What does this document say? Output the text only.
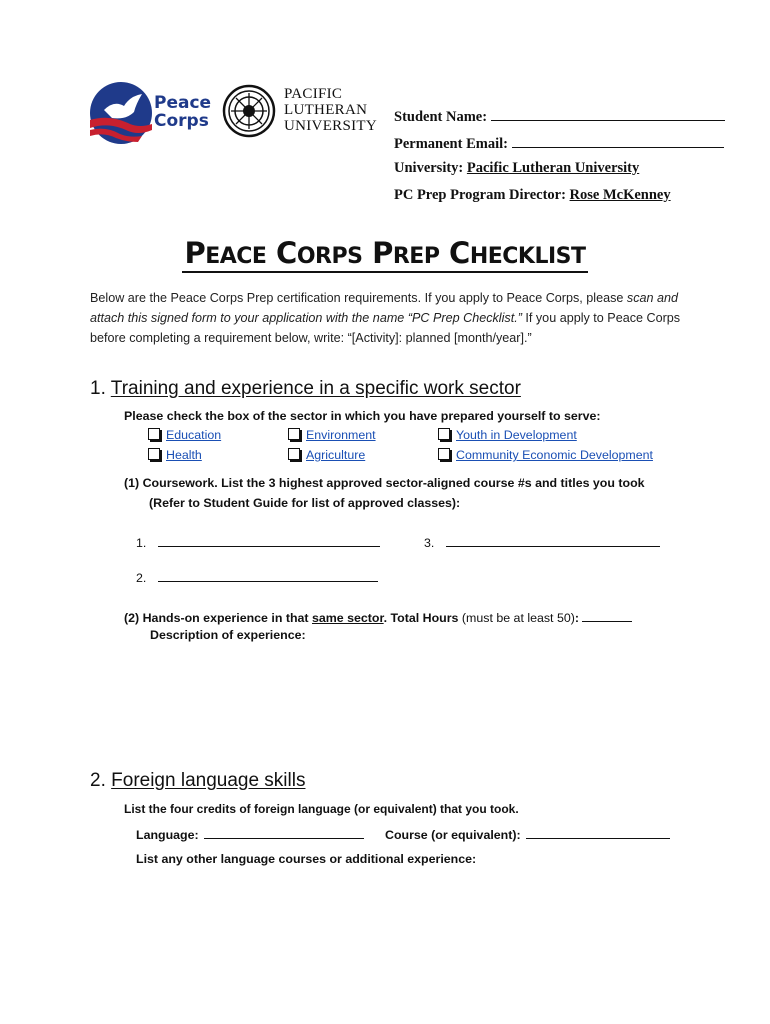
Peace Corps
PACIFIC
LUTHERAN
UNIVERSITY
Student Name:
Permanent Email:
University: Pacific Lutheran University
PC Prep Program Director: Rose McKenney
PEACE CORPS PREP CHECKLIST
Below are the Peace Corps Prep certification requirements. If you apply to Peace Corps, please scan and attach this signed form to your application with the name “PC Prep Checklist.” If you apply to Peace Corps before completing a requirement below, write: “[Activity]: planned [month/year].”
1. Training and experience in a specific work sector
Please check the box of the sector in which you have prepared yourself to serve:
Education	Environment	Youth in Development
Health	Agriculture	Community Economic Development
(1) Coursework. List the 3 highest approved sector-aligned course #s and titles you took
(Refer to Student Guide for list of approved classes):
1.	3.
2.
(2) Hands-on experience in that same sector. Total Hours (must be at least 50):
Description of experience:
2. Foreign language skills
List the four credits of foreign language (or equivalent) that you took.
Language:	Course (or equivalent):
List any other language courses or additional experience:
